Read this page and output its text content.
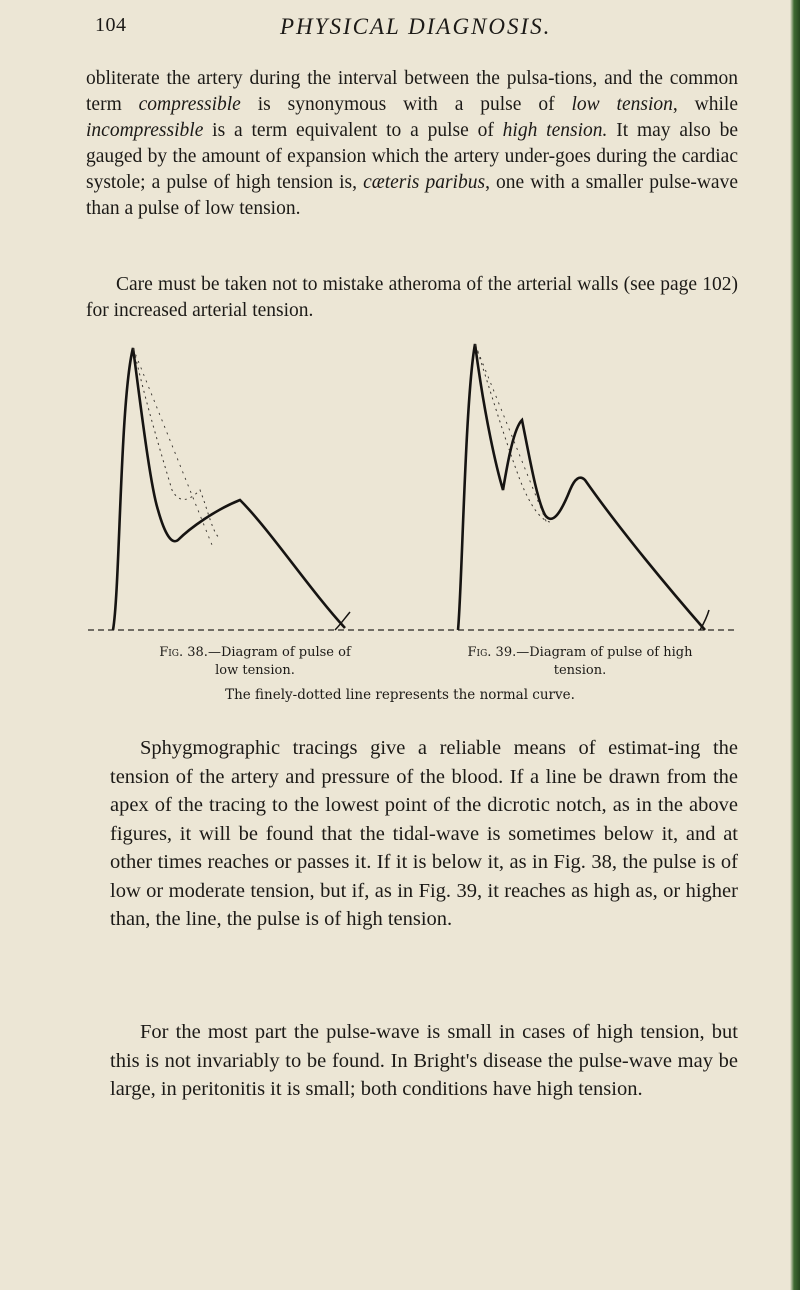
104	PHYSICAL DIAGNOSIS.

obliterate the artery during the interval between the pulsa-tions, and the common term compressible is synonymous with a pulse of low tension, while incompressible is a term equivalent to a pulse of high tension. It may also be gauged by the amount of expansion which the artery under-goes during the cardiac systole; a pulse of high tension is, cæteris paribus, one with a smaller pulse-wave than a pulse of low tension.

Care must be taken not to mistake atheroma of the arterial walls (see page 102) for increased arterial tension.

Fig. 38.—Diagram of pulse of low tension.
Fig. 39.—Diagram of pulse of high tension.
The finely-dotted line represents the normal curve.

Sphygmographic tracings give a reliable means of estimat-ing the tension of the artery and pressure of the blood. If a line be drawn from the apex of the tracing to the lowest point of the dicrotic notch, as in the above figures, it will be found that the tidal-wave is sometimes below it, and at other times reaches or passes it. If it is below it, as in Fig. 38, the pulse is of low or moderate tension, but if, as in Fig. 39, it reaches as high as, or higher than, the line, the pulse is of high tension.

For the most part the pulse-wave is small in cases of high tension, but this is not invariably to be found. In Bright's disease the pulse-wave may be large, in peritonitis it is small; both conditions have high tension.
